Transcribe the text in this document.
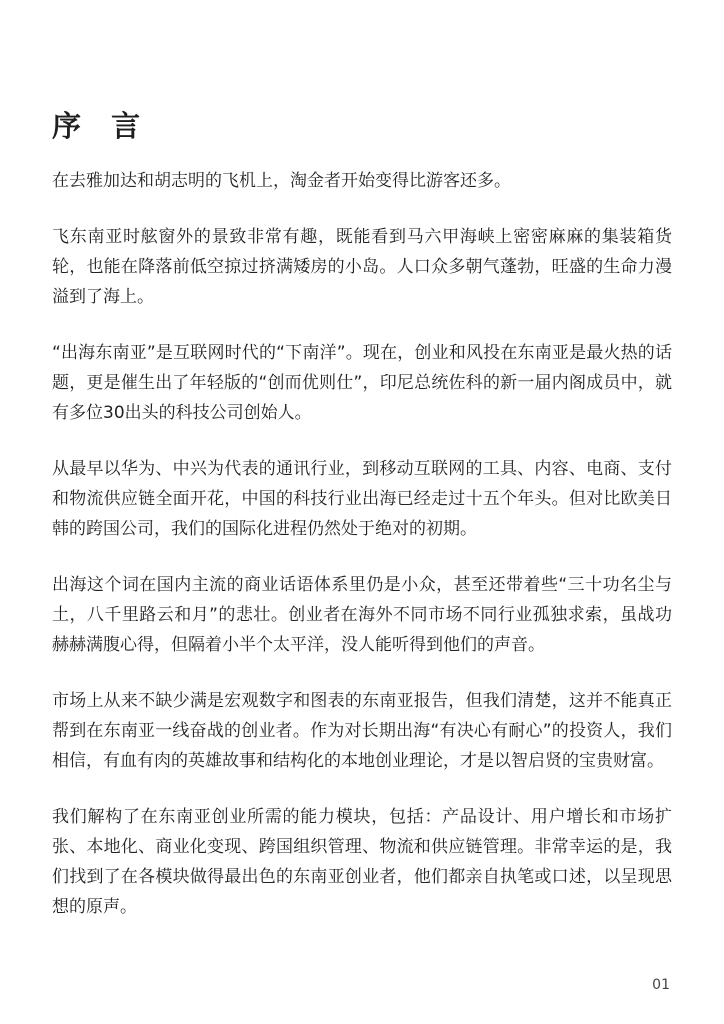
序 言

在去雅加达和胡志明的飞机上，淘金者开始变得比游客还多。

飞东南亚时舷窗外的景致非常有趣，既能看到马六甲海峡上密密麻麻的集装箱货轮，也能在降落前低空掠过挤满矮房的小岛。人口众多朝气蓬勃，旺盛的生命力漫溢到了海上。

“出海东南亚”是互联网时代的“下南洋”。现在，创业和风投在东南亚是最火热的话题，更是催生出了年轻版的“创而优则仕”，印尼总统佐科的新一届内阁成员中，就有多位30出头的科技公司创始人。

从最早以华为、中兴为代表的通讯行业，到移动互联网的工具、内容、电商、支付和物流供应链全面开花，中国的科技行业出海已经走过十五个年头。但对比欧美日韩的跨国公司，我们的国际化进程仍然处于绝对的初期。

出海这个词在国内主流的商业话语体系里仍是小众，甚至还带着些“三十功名尘与土，八千里路云和月”的悲壮。创业者在海外不同市场不同行业孤独求索，虽战功赫赫满腹心得，但隔着小半个太平洋，没人能听得到他们的声音。

市场上从来不缺少满是宏观数字和图表的东南亚报告，但我们清楚，这并不能真正帮到在东南亚一线奋战的创业者。作为对长期出海“有决心有耐心”的投资人，我们相信，有血有肉的英雄故事和结构化的本地创业理论，才是以智启贤的宝贵财富。

我们解构了在东南亚创业所需的能力模块，包括：产品设计、用户增长和市场扩张、本地化、商业化变现、跨国组织管理、物流和供应链管理。非常幸运的是，我们找到了在各模块做得最出色的东南亚创业者，他们都亲自执笔或口述，以呈现思想的原声。

01
